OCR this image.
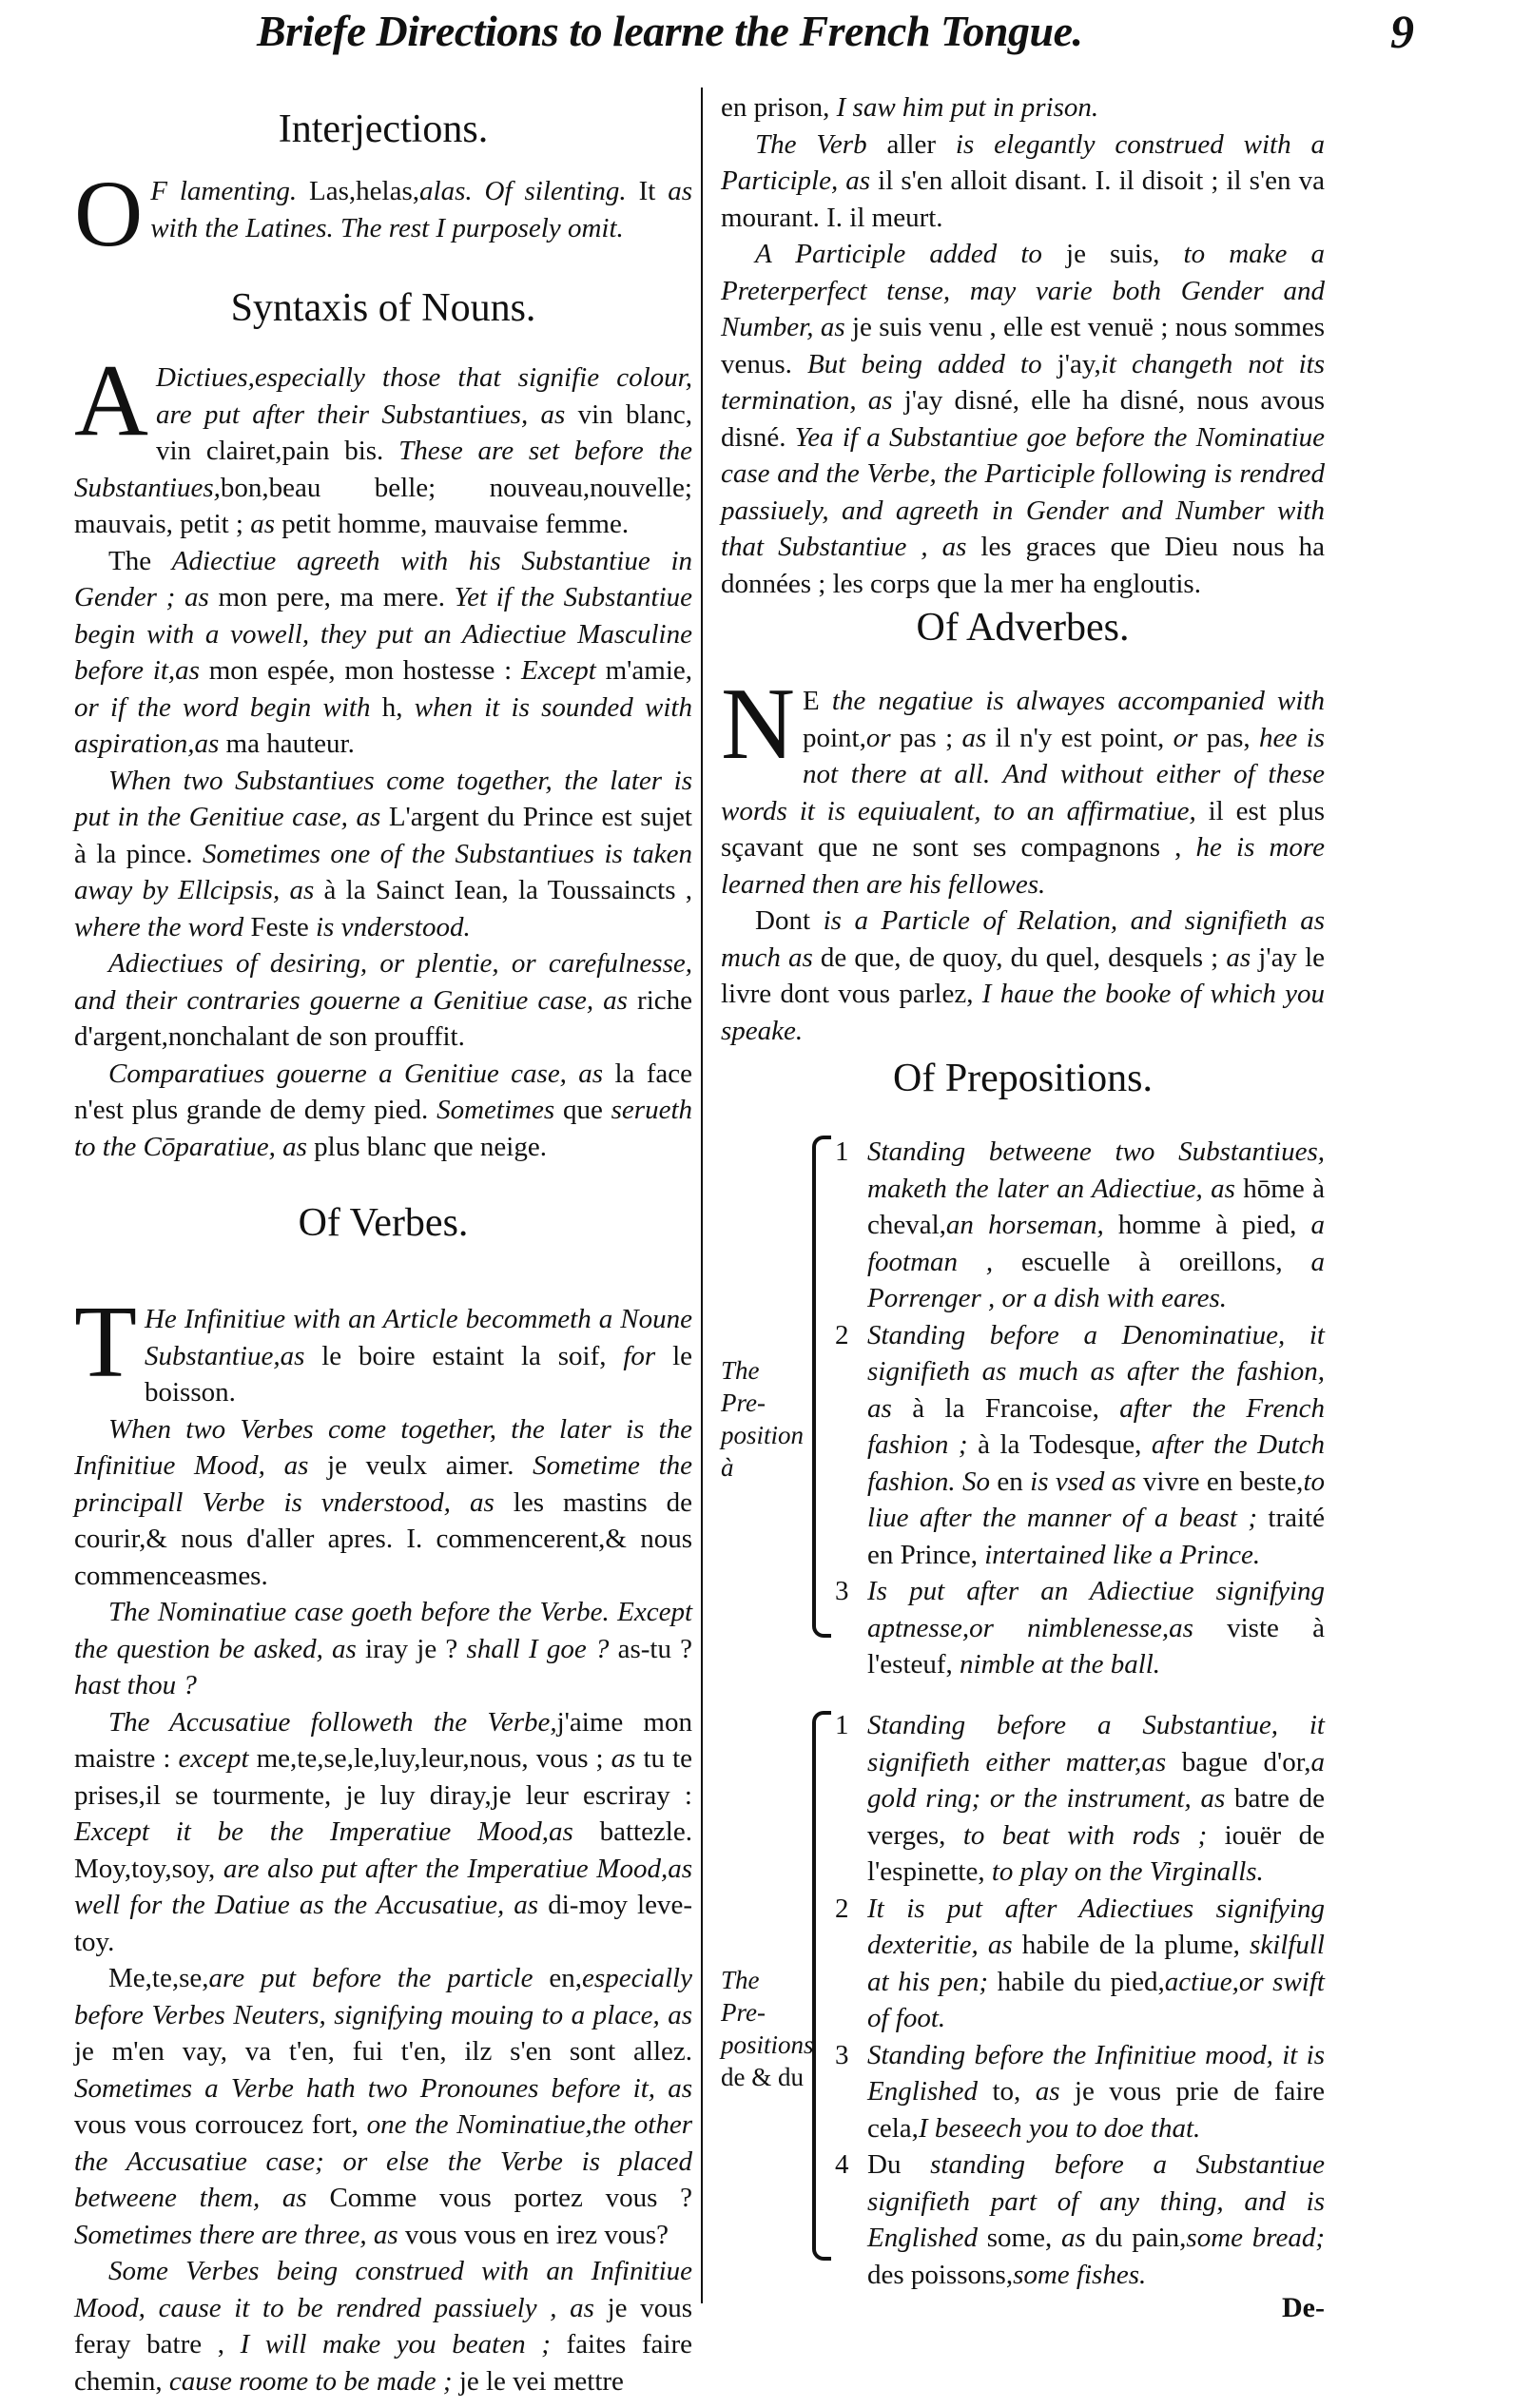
Briefe Directions to learne the French Tongue.	9
Interjections.

O F lamenting. Las,helas,alas. Of silenting. It as with the Latines. The rest I purposely omit.

Syntaxis of Nouns.

A Dictiues,especially those that signifie colour, are put after their Substantiues, as vin blanc, vin clairet,pain bis. These are set before the Substantiues,bon,beau belle; nouveau,nouvelle; mauvais, petit ; as petit homme, mauvaise femme.

The Adiectiue agreeth with his Substantiue in Gender ; as mon pere, ma mere. Yet if the Substantiue begin with a vowell, they put an Adiectiue Masculine before it,as mon espée, mon hostesse : Except m'amie, or if the word begin with h, when it is sounded with aspiration,as ma hauteur.

When two Substantiues come together, the later is put in the Genitiue case, as L'argent du Prince est sujet à la pince. Sometimes one of the Substantiues is taken away by Ellcipsis, as à la Sainct Iean, la Toussaincts , where the word Feste is vnderstood.

Adiectiues of desiring, or plentie, or carefulnesse, and their contraries gouerne a Genitiue case, as riche d'argent,nonchalant de son prouffit.

Comparatiues gouerne a Genitiue case, as la face n'est plus grande de demy pied. Sometimes que serueth to the Cōparatiue, as plus blanc que neige.

Of Verbes.

T He Infinitiue with an Article becommeth a Noune Substantiue,as le boire estaint la soif, for le boisson.

When two Verbes come together, the later is the Infinitiue Mood, as je veulx aimer. Sometime the principall Verbe is vnderstood, as les mastins de courir,& nous d'aller apres. I. commencerent,& nous commenceasmes.

The Nominatiue case goeth before the Verbe. Except the question be asked, as iray je ? shall I goe ? as-tu ? hast thou ?

The Accusatiue followeth the Verbe,j'aime mon maistre : except me,te,se,le,luy,leur,nous, vous ; as tu te prises,il se tourmente, je luy diray,je leur escriray : Except it be the Imperatiue Mood,as battezle. Moy,toy,soy, are also put after the Imperatiue Mood,as well for the Datiue as the Accusatiue, as di-moy leve-toy.

Me,te,se,are put before the particle en,especially before Verbes Neuters, signifying mouing to a place, as je m'en vay, va t'en, fui t'en, ilz s'en sont allez. Sometimes a Verbe hath two Pronounes before it, as vous vous corroucez fort, one the Nominatiue,the other the Accusatiue case; or else the Verbe is placed betweene them, as Comme vous portez vous ? Sometimes there are three, as vous vous en irez vous?

Some Verbes being construed with an Infinitiue Mood, cause it to be rendred passiuely , as je vous feray batre , I will make you beaten ; faites faire chemin, cause roome to be made ; je le vei mettre

en prison, I saw him put in prison.

The Verb aller is elegantly construed with a Participle, as il s'en alloit disant. I. il disoit ; il s'en va mourant. I. il meurt.

A Participle added to je suis, to make a Preterperfect tense, may varie both Gender and Number, as je suis venu , elle est venuë ; nous sommes venus. But being added to j'ay,it changeth not its termination, as j'ay disné, elle ha disné, nous avous disné. Yea if a Substantiue goe before the Nominatiue case and the Verbe, the Participle following is rendred passiuely, and agreeth in Gender and Number with that Substantiue , as les graces que Dieu nous ha données ; les corps que la mer ha engloutis.

Of Adverbes.

N E the negatiue is alwayes accompanied with point,or pas ; as il n'y est point, or pas, hee is not there at all. And without either of these words it is equiualent, to an affirmatiue, il est plus sçavant que ne sont ses compagnons , he is more learned then are his fellowes.

Dont is a Particle of Relation, and signifieth as much as de que, de quoy, du quel, desquels ; as j'ay le livre dont vous parlez, I haue the booke of which you speake.

Of Prepositions.
The Pre-
position à

1 Standing betweene two Substantiues, maketh the later an Adiectiue, as hōme à cheval,an horseman, homme à pied, a footman , escuelle à oreillons, a Porrenger , or a dish with eares.

2 Standing before a Denominatiue, it signifieth as much as after the fashion, as à la Francoise, after the French fashion ; à la Todesque, after the Dutch fashion. So en is vsed as vivre en beste,to liue after the manner of a beast ; traité en Prince, intertained like a Prince.

3 Is put after an Adiectiue signifying aptnesse,or nimblenesse,as viste à l'esteuf, nimble at the ball.

The Pre-
positions
de & du

1 Standing before a Substantiue, it signifieth either matter,as bague d'or,a gold ring; or the instrument, as batre de verges, to beat with rods ; iouër de l'espinette, to play on the Virginalls.

2 It is put after Adiectiues signifying dexteritie, as habile de la plume, skilfull at his pen; habile du pied,actiue,or swift of foot.

3 Standing before the Infinitiue mood, it is Englished to, as je vous prie de faire cela,I beseech you to doe that.

4 Du standing before a Substantiue signifieth part of any thing, and is Englished some, as du pain,some bread; des poissons,some fishes.

De-
